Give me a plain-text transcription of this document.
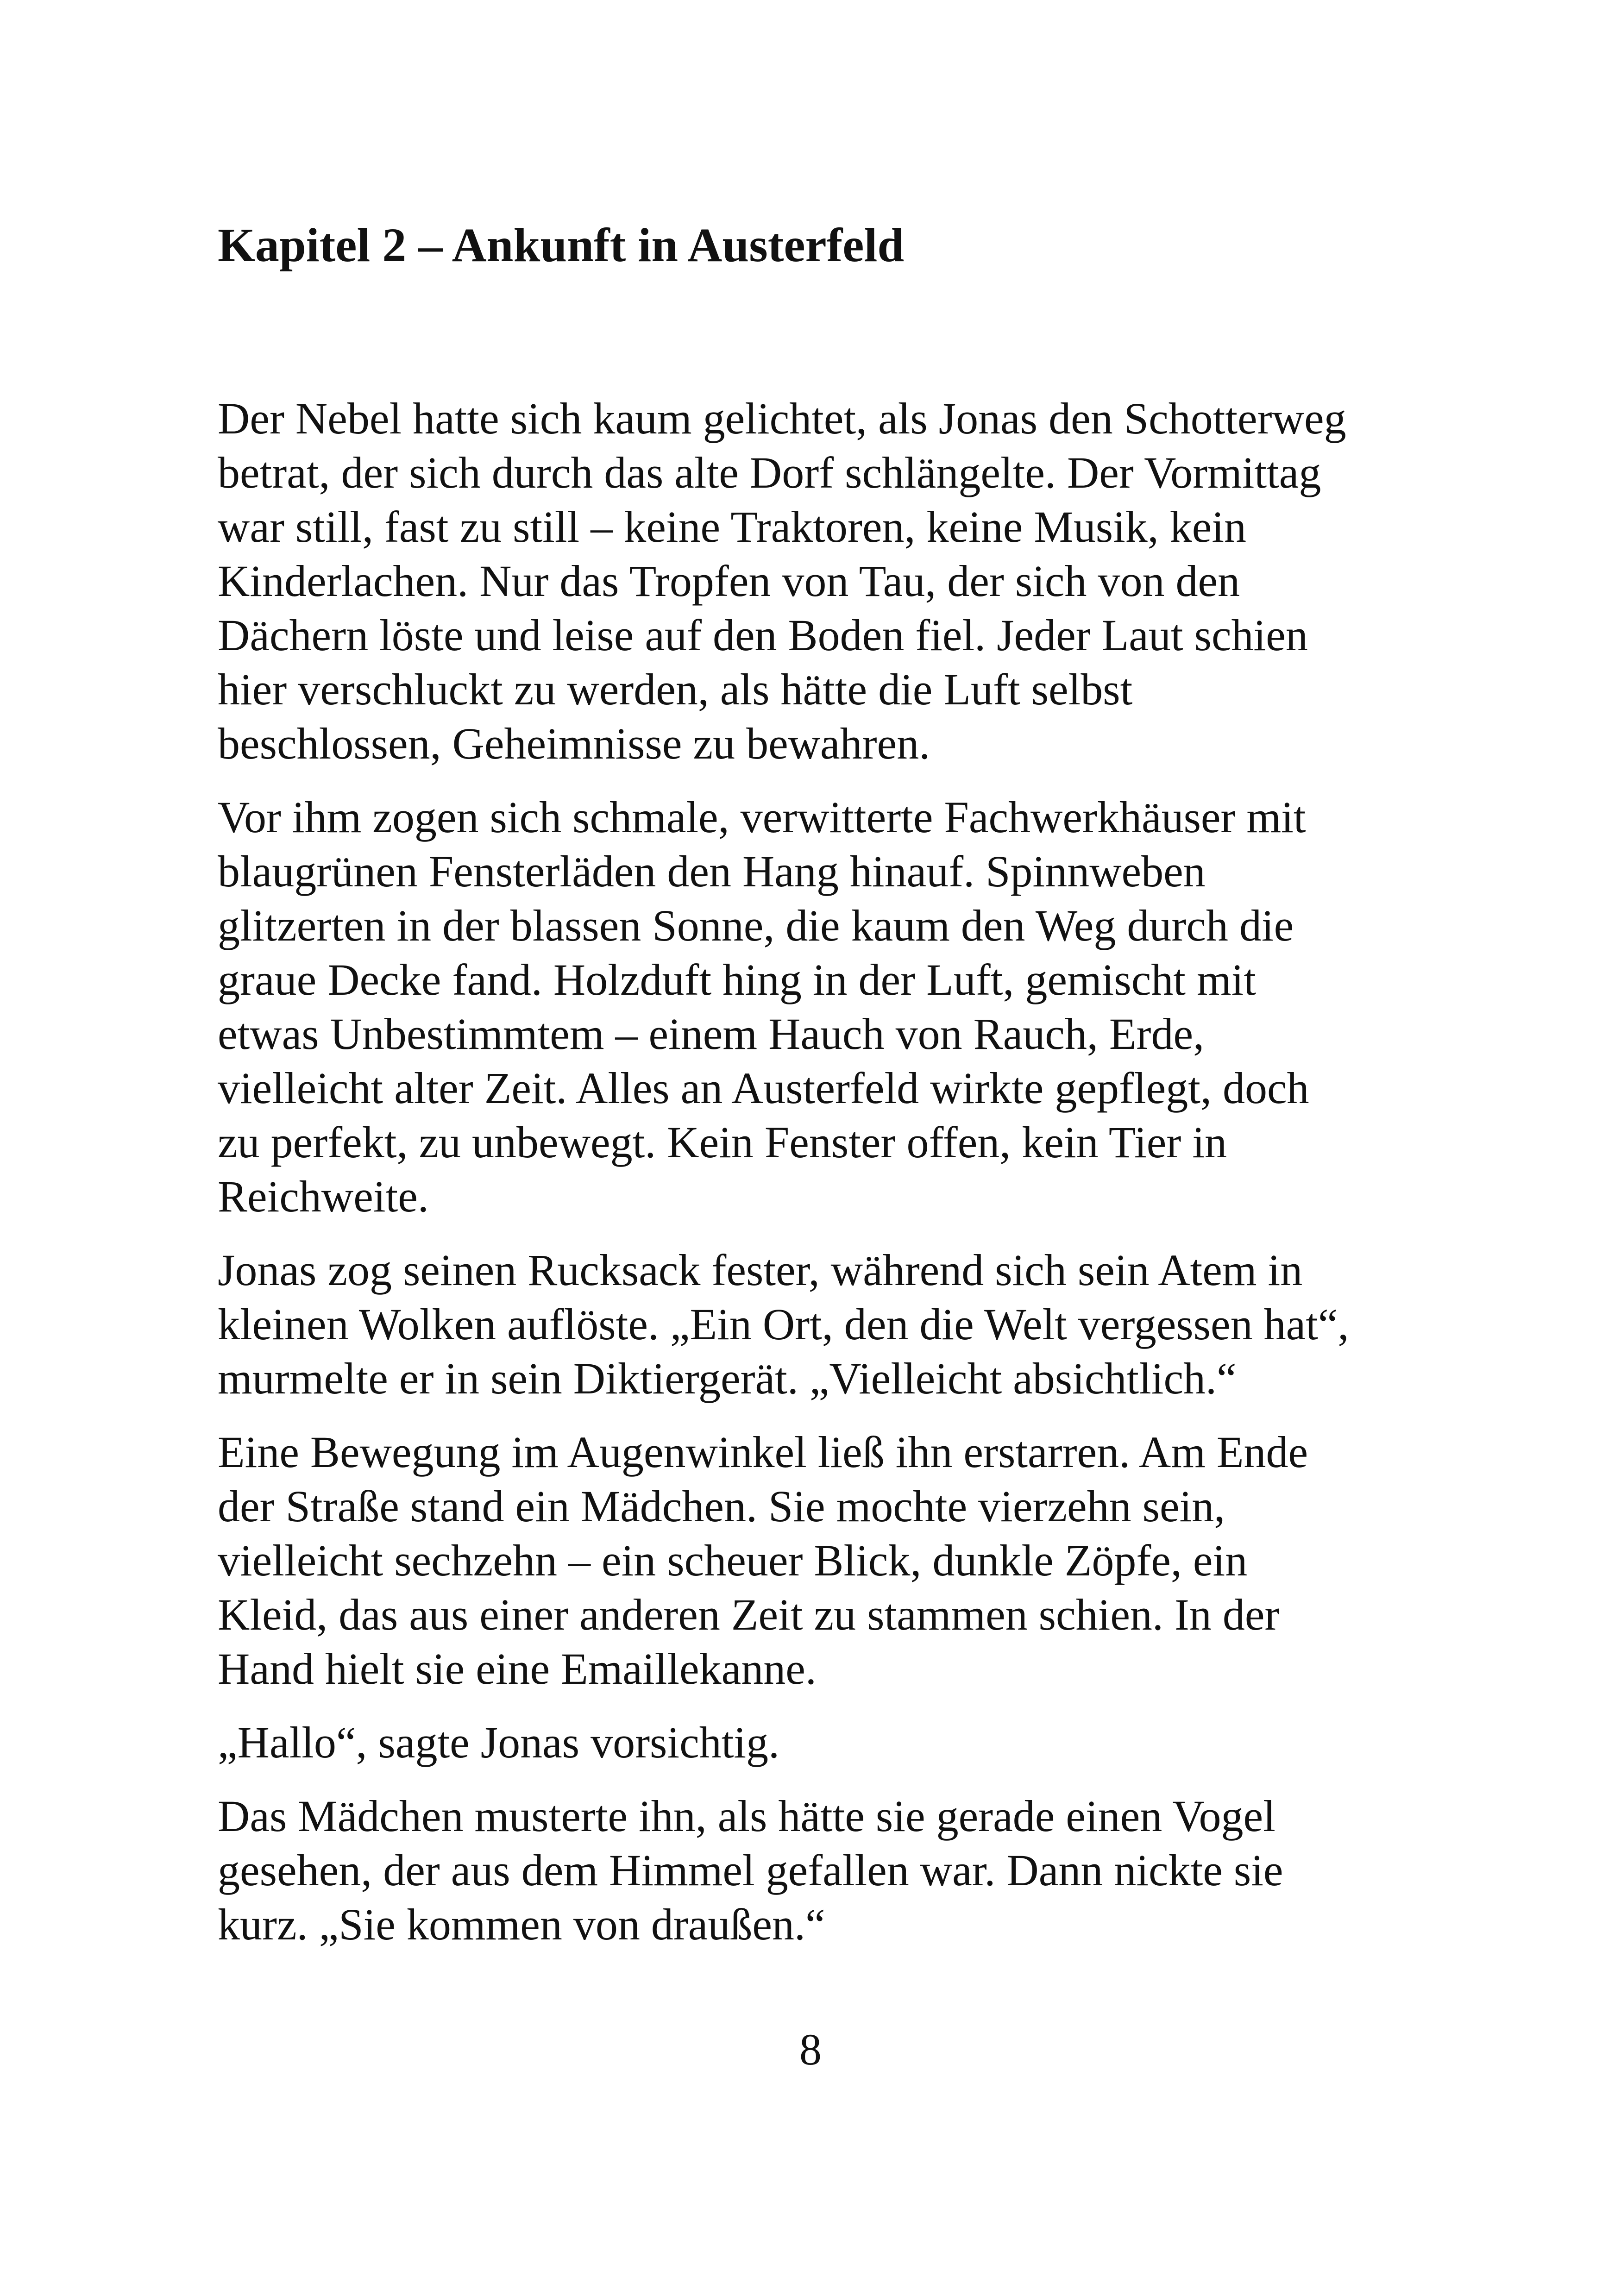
Kapitel 2 – Ankunft in Austerfeld

Der Nebel hatte sich kaum gelichtet, als Jonas den Schotterweg
betrat, der sich durch das alte Dorf schlängelte. Der Vormittag
war still, fast zu still – keine Traktoren, keine Musik, kein
Kinderlachen. Nur das Tropfen von Tau, der sich von den
Dächern löste und leise auf den Boden fiel. Jeder Laut schien
hier verschluckt zu werden, als hätte die Luft selbst
beschlossen, Geheimnisse zu bewahren.

Vor ihm zogen sich schmale, verwitterte Fachwerkhäuser mit
blaugrünen Fensterläden den Hang hinauf. Spinnweben
glitzerten in der blassen Sonne, die kaum den Weg durch die
graue Decke fand. Holzduft hing in der Luft, gemischt mit
etwas Unbestimmtem – einem Hauch von Rauch, Erde,
vielleicht alter Zeit. Alles an Austerfeld wirkte gepflegt, doch
zu perfekt, zu unbewegt. Kein Fenster offen, kein Tier in
Reichweite.

Jonas zog seinen Rucksack fester, während sich sein Atem in
kleinen Wolken auflöste. „Ein Ort, den die Welt vergessen hat“,
murmelte er in sein Diktiergerät. „Vielleicht absichtlich.“

Eine Bewegung im Augenwinkel ließ ihn erstarren. Am Ende
der Straße stand ein Mädchen. Sie mochte vierzehn sein,
vielleicht sechzehn – ein scheuer Blick, dunkle Zöpfe, ein
Kleid, das aus einer anderen Zeit zu stammen schien. In der
Hand hielt sie eine Emaillekanne.

„Hallo“, sagte Jonas vorsichtig.

Das Mädchen musterte ihn, als hätte sie gerade einen Vogel
gesehen, der aus dem Himmel gefallen war. Dann nickte sie
kurz. „Sie kommen von draußen.“

8
